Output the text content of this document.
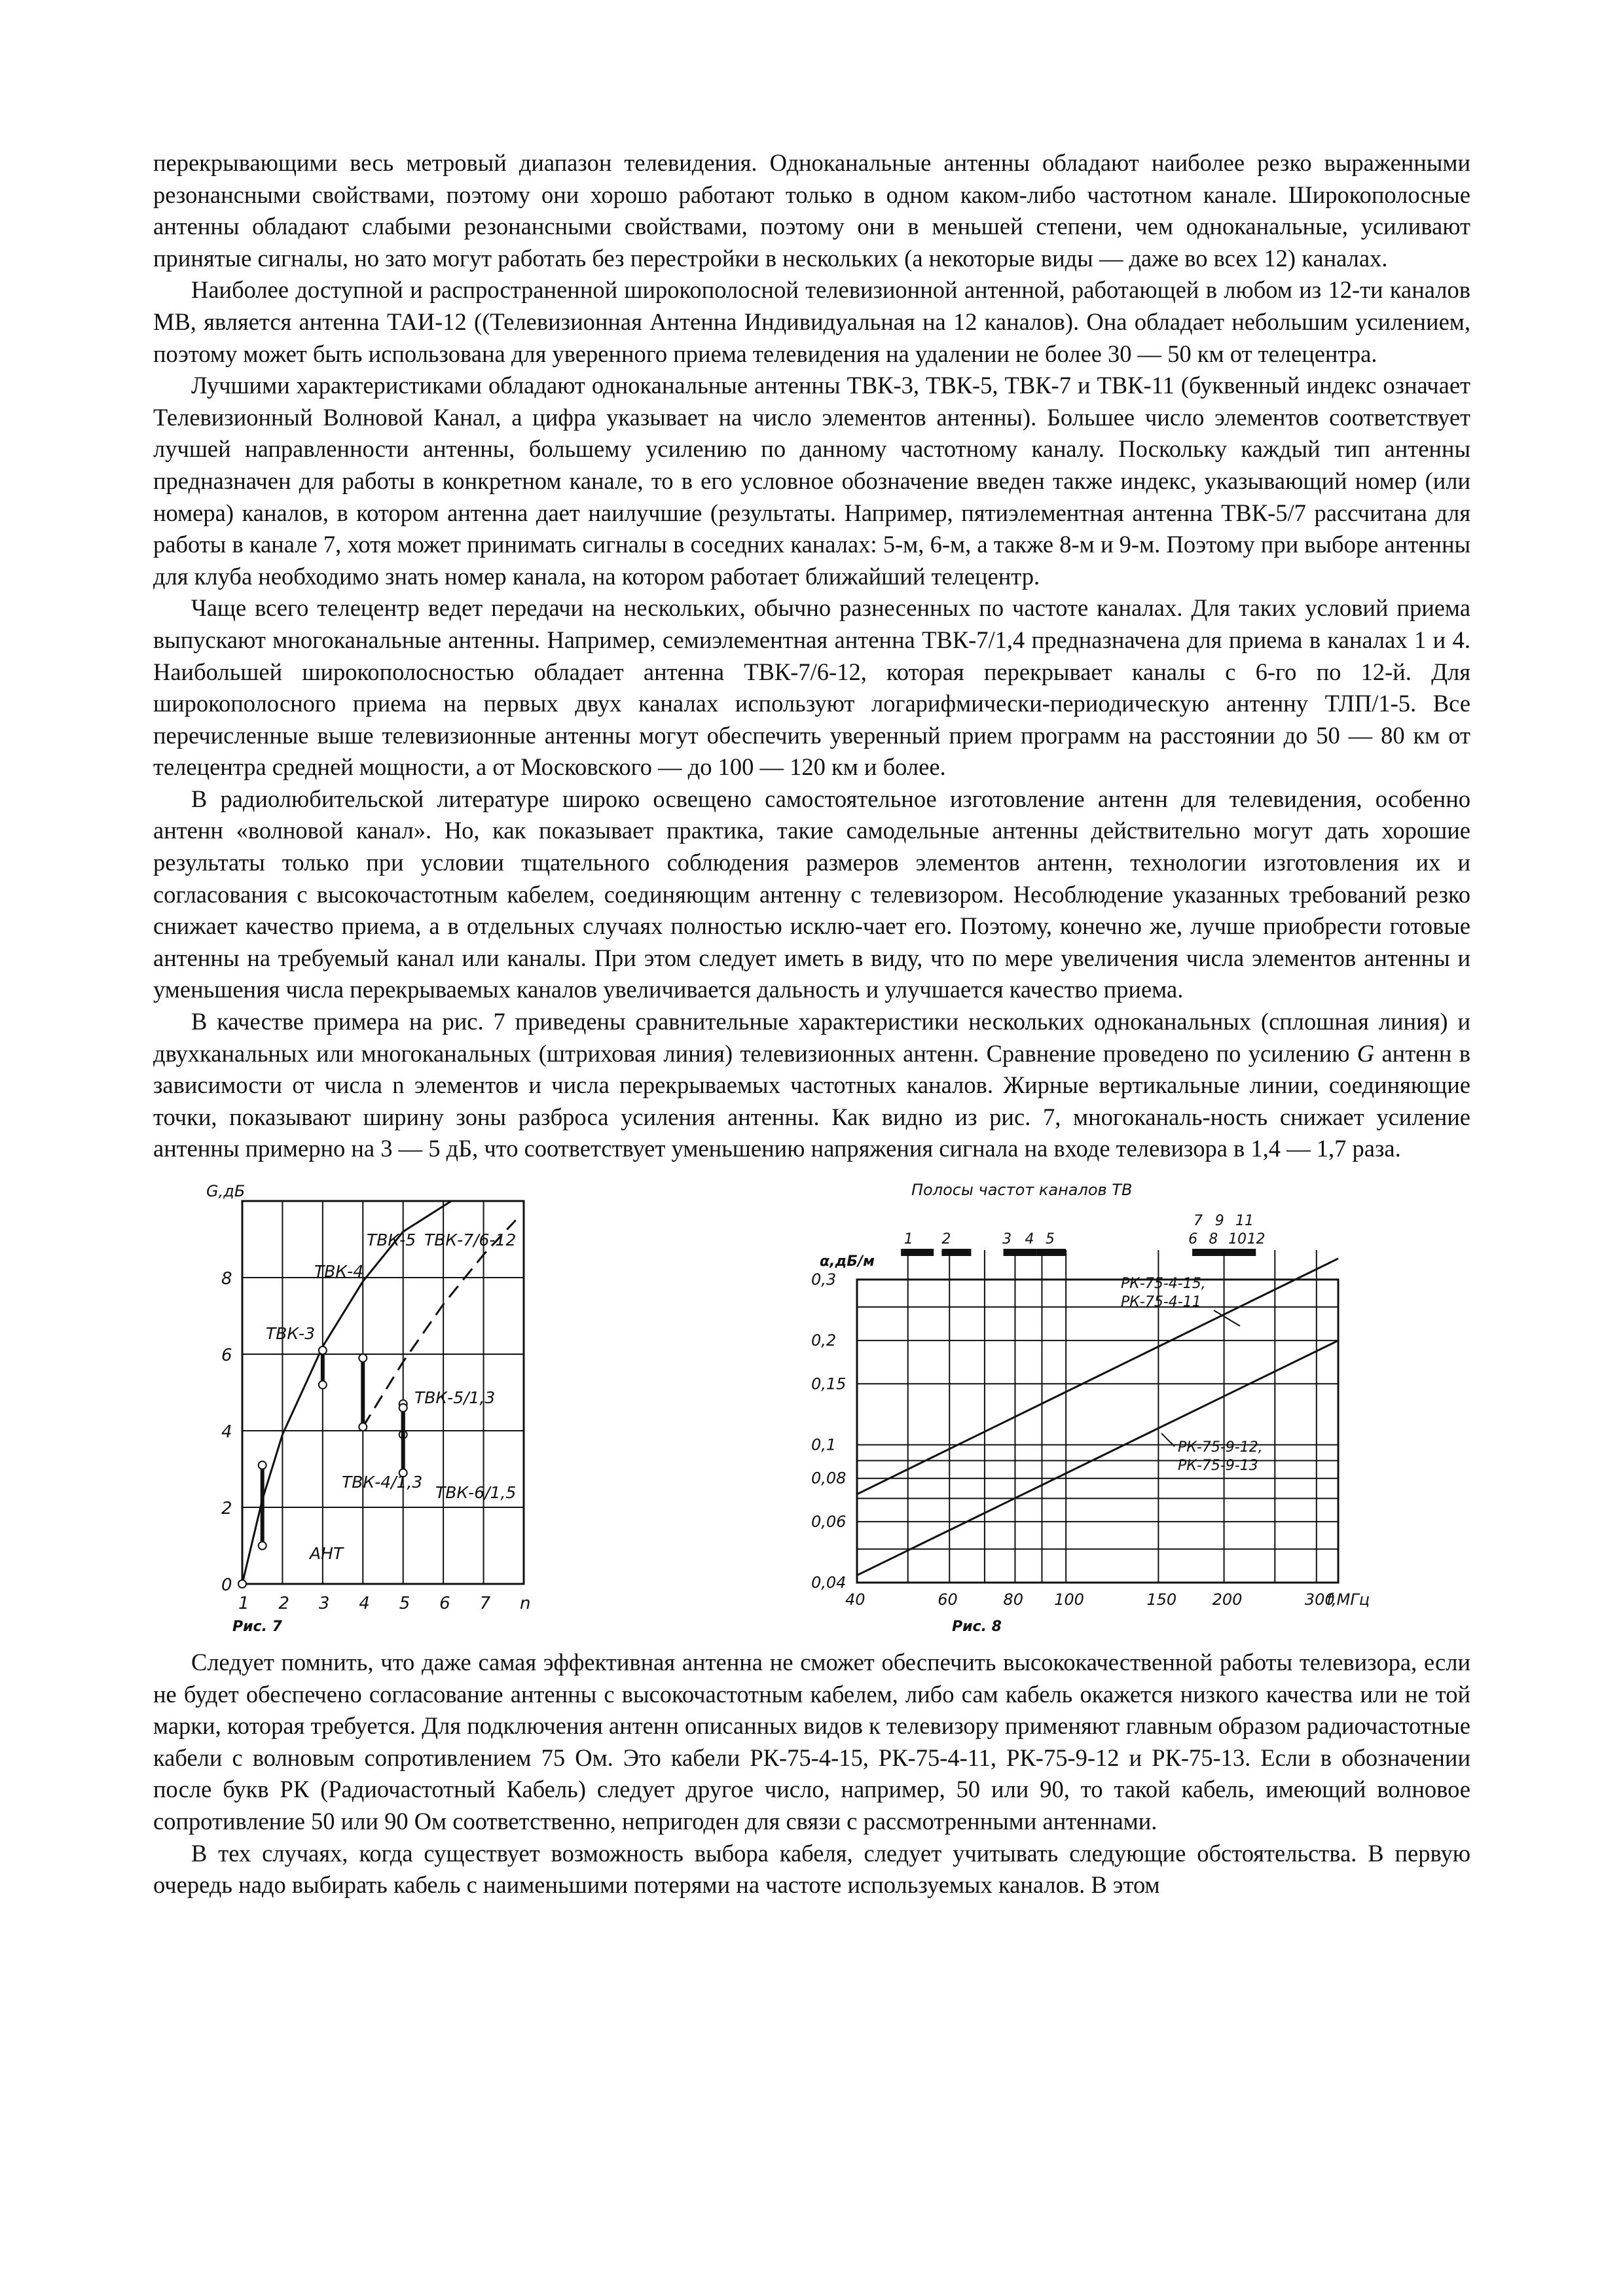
перекрывающими весь метровый диапазон телевидения. Одноканальные антенны обладают наиболее резко выраженными резонансными свойствами, поэтому они хорошо работают только в одном каком-либо частотном канале. Широкополосные антенны обладают слабыми резонансными свойствами, поэтому они в меньшей степени, чем одноканальные, усиливают принятые сигналы, но зато могут работать без перестройки в нескольких (а некоторые виды — даже во всех 12) каналах.

Наиболее доступной и распространенной широкополосной телевизионной антенной, работающей в любом из 12-ти каналов MB, является антенна ТАИ-12 ((Телевизионная Антенна Индивидуальная на 12 каналов). Она обладает небольшим усилением, поэтому может быть использована для уверенного приема телевидения на удалении не более 30 — 50 км от телецентра.

Лучшими характеристиками обладают одноканальные антенны ТВК-3, ТВК-5, ТВК-7 и ТВК-11 (буквенный индекс означает Телевизионный Волновой Канал, а цифра указывает на число элементов антенны). Большее число элементов соответствует лучшей направленности антенны, большему усилению по данному частотному каналу. Поскольку каждый тип антенны предназначен для работы в конкретном канале, то в его условное обозначение введен также индекс, указывающий номер (или номера) каналов, в котором антенна дает наилучшие (результаты. Например, пятиэлементная антенна ТВК-5/7 рассчитана для работы в канале 7, хотя может принимать сигналы в соседних каналах: 5-м, 6-м, а также 8-м и 9-м. Поэтому при выборе антенны для клуба необходимо знать номер канала, на котором работает ближайший телецентр.

Чаще всего телецентр ведет передачи на нескольких, обычно разнесенных по частоте каналах. Для таких условий приема выпускают многоканальные антенны. Например, семиэлементная антенна ТВК-7/1,4 предназначена для приема в каналах 1 и 4. Наибольшей широкополосностью обладает антенна ТВК-7/6-12, которая перекрывает каналы с 6-го по 12-й. Для широкополосного приема на первых двух каналах используют логарифмически-периодическую антенну ТЛП/1-5. Все перечисленные выше телевизионные антенны могут обеспечить уверенный прием программ на расстоянии до 50 — 80 км от телецентра средней мощности, а от Московского — до 100 — 120 км и более.

В радиолюбительской литературе широко освещено самостоятельное изготовление антенн для телевидения, особенно антенн «волновой канал». Но, как показывает практика, такие самодельные антенны действительно могут дать хорошие результаты только при условии тщательного соблюдения размеров элементов антенн, технологии изготовления их и согласования с высокочастотным кабелем, соединяющим антенну с телевизором. Несоблюдение указанных требований резко снижает качество приема, а в отдельных случаях полностью исклю-чает его. Поэтому, конечно же, лучше приобрести готовые антенны на требуемый канал или каналы. При этом следует иметь в виду, что по мере увеличения числа элементов антенны и уменьшения числа перекрываемых каналов увеличивается дальность и улучшается качество приема.

В качестве примера на рис. 7 приведены сравнительные характеристики нескольких одноканальных (сплошная линия) и двухканальных или многоканальных (штриховая линия) телевизионных антенн. Сравнение проведено по усилению G антенн в зависимости от числа n элементов и числа перекрываемых частотных каналов. Жирные вертикальные линии, соединяющие точки, показывают ширину зоны разброса усиления антенны. Как видно из рис. 7, многоканаль-ность снижает усиление антенны примерно на 3 — 5 дБ, что соответствует уменьшению напряжения сигнала на входе телевизора в 1,4 — 1,7 раза.

1 2 3 4 5 6 7 n
0
2
4
6
8
ТВК-5 ТВК-7/6-12
ТВК-4
ТВК-3
ТВК-5/1,3
ТВК-4/1,3
ТВК-6/1,5
АНТ
G,дБ
Рис. 7
Полосы частот каналов ТВ
1 2	3 4 5
7 9 11
6 8 10 12
40	60	80 100	150 200	300
f,МГц
0,3
0,2
0,15
0,1
0,08
0,06
0,04
РК-75-4-15,
РК-75-4-11
РК-75-9-12,
РК-75-9-13
α,дБ/м
Рис. 8

Следует помнить, что даже самая эффективная антенна не сможет обеспечить высококачественной работы телевизора, если не будет обеспечено согласование антенны с высокочастотным кабелем, либо сам кабель окажется низкого качества или не той марки, которая требуется. Для подключения антенн описанных видов к телевизору применяют главным образом радиочастотные кабели с волновым сопротивлением 75 Ом. Это кабели РК-75-4-15, РК-75-4-11, РК-75-9-12 и РК-75-13. Если в обозначении после букв РК (Радиочастотный Кабель) следует другое число, например, 50 или 90, то такой кабель, имеющий волновое сопротивление 50 или 90 Ом соответственно, непригоден для связи с рассмотренными антеннами.

В тех случаях, когда существует возможность выбора кабеля, следует учитывать следующие обстоятельства. В первую очередь надо выбирать кабель с наименьшими потерями на частоте используемых каналов. В этом
